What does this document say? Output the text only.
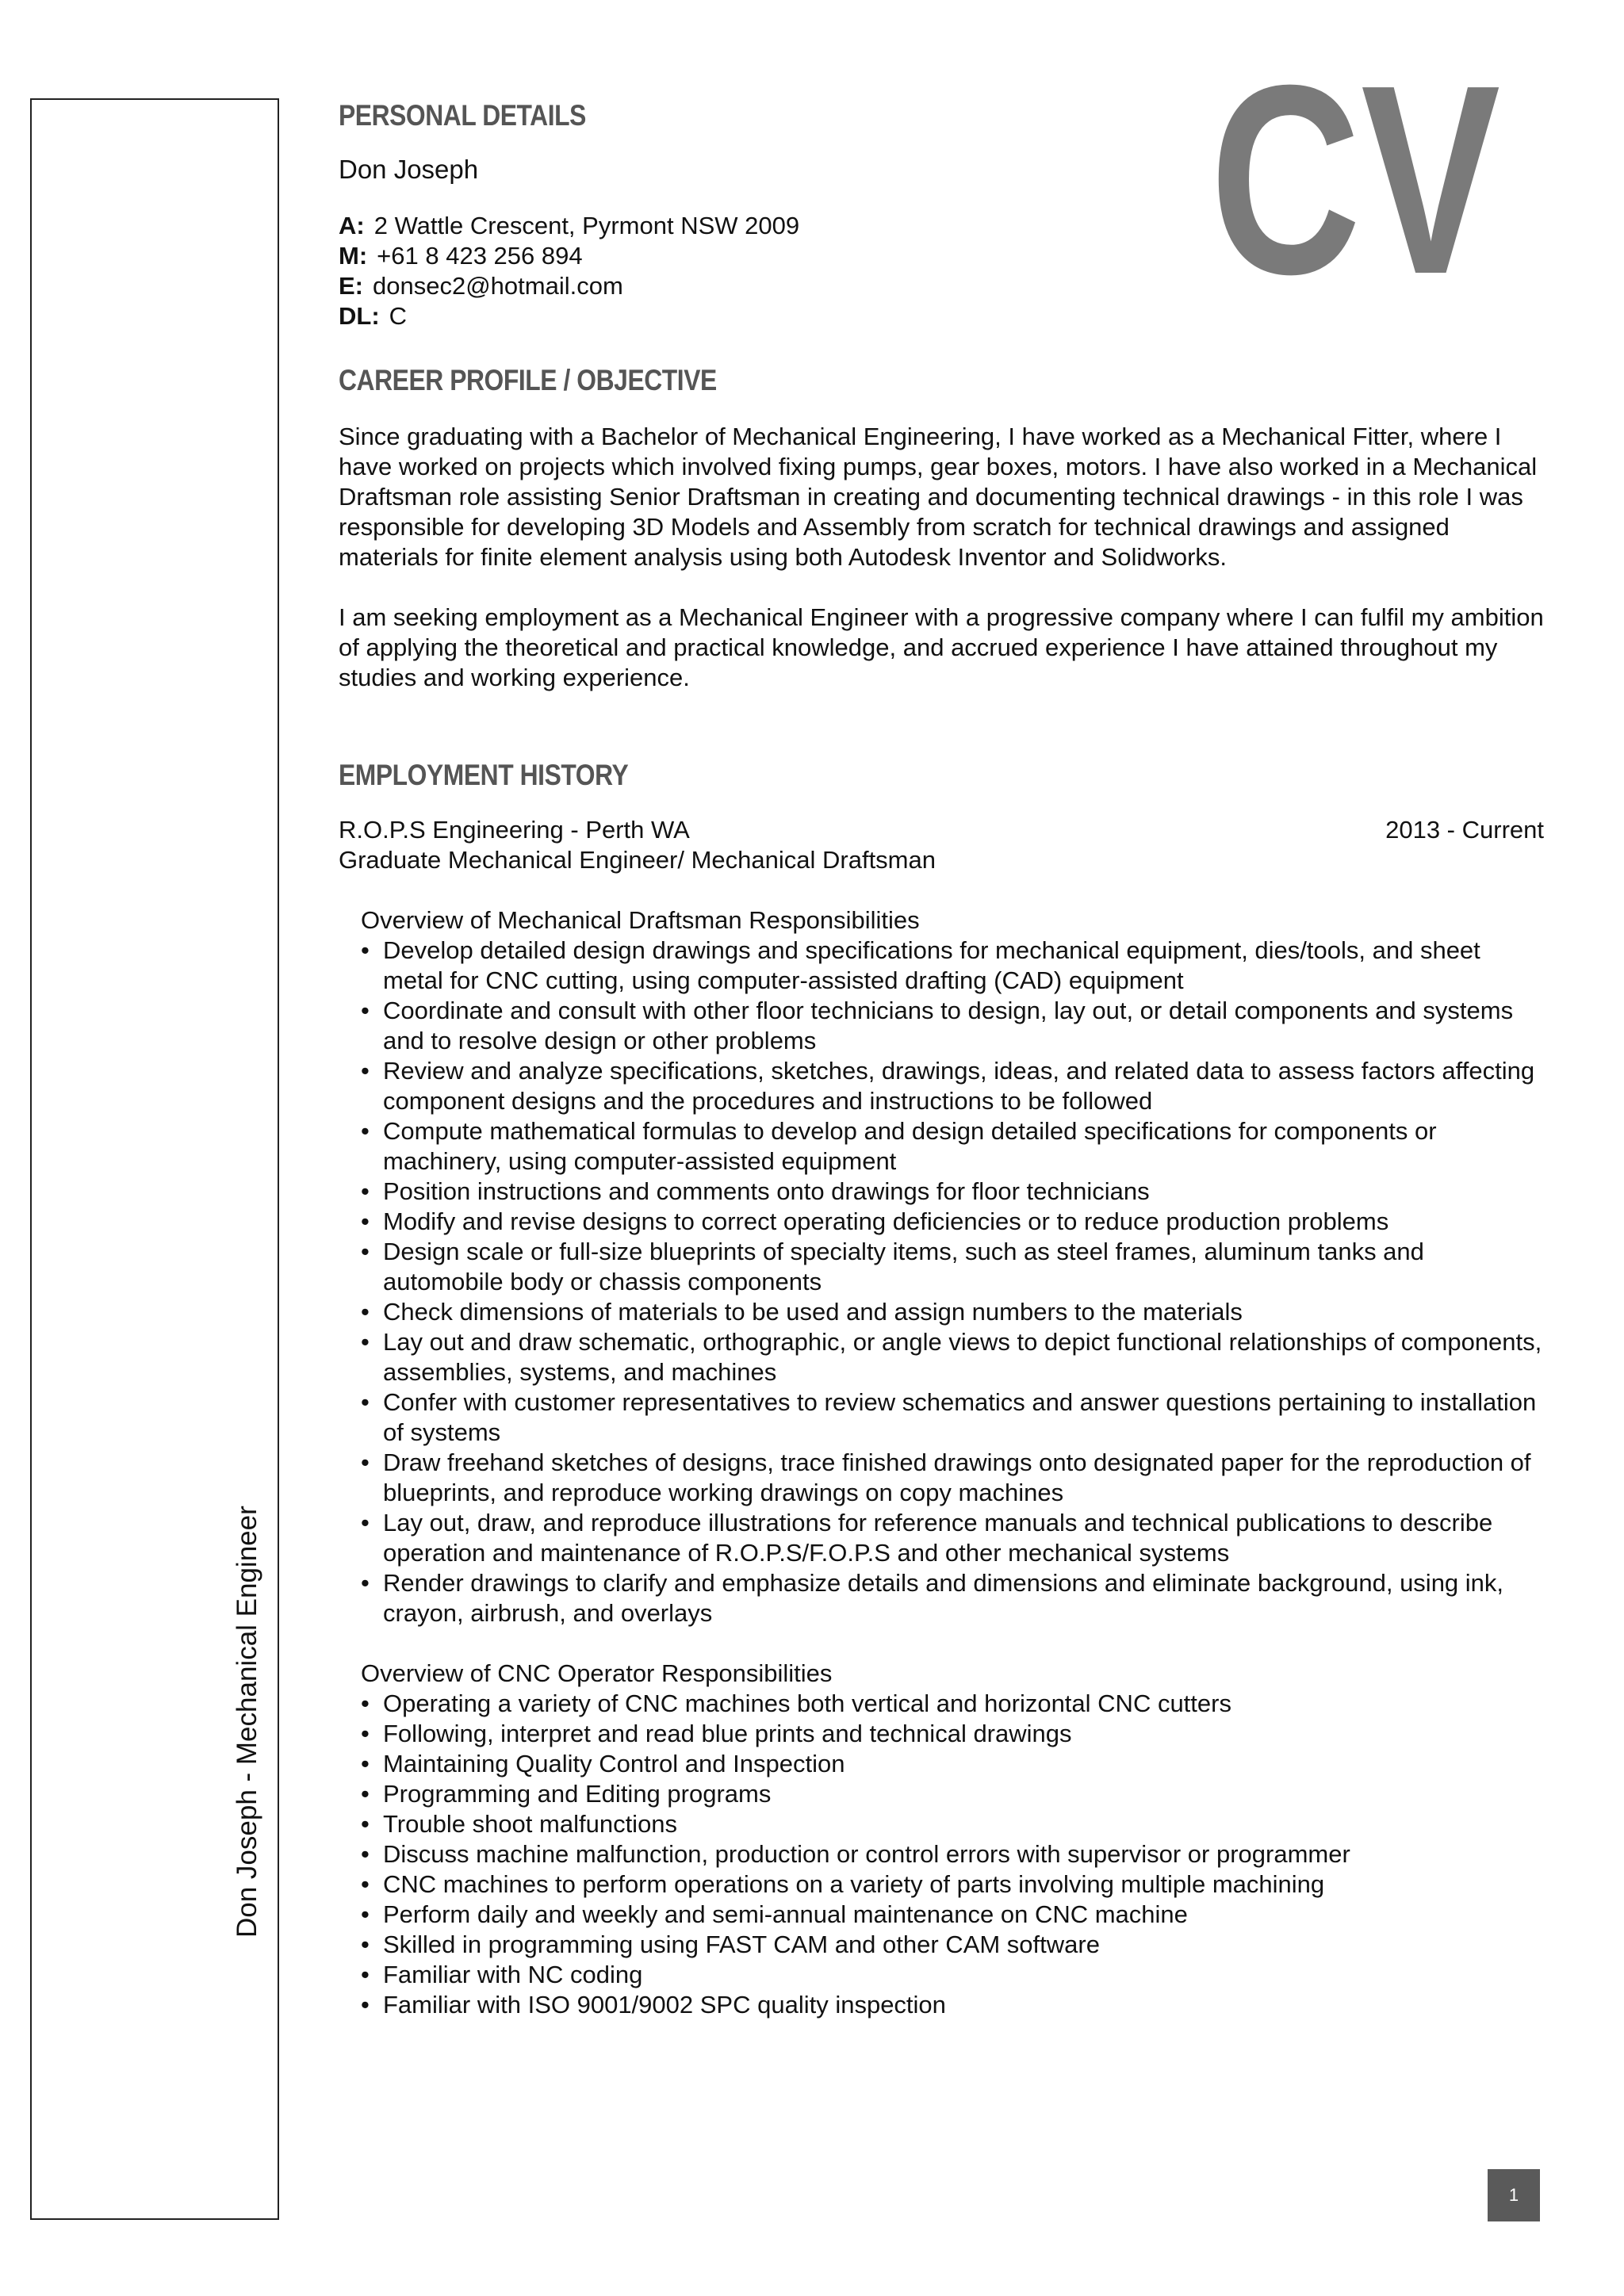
Don Joseph - Mechanical Engineer
CV
PERSONAL DETAILS
Don Joseph
A: 2 Wattle Crescent, Pyrmont NSW 2009
M: +61 8 423 256 894
E: donsec2@hotmail.com
DL: C
CAREER PROFILE / OBJECTIVE

Since graduating with a Bachelor of Mechanical Engineering, I have worked as a Mechanical Fitter, where I have worked on projects which involved fixing pumps, gear boxes, motors. I have also worked in a Mechanical Draftsman role assisting Senior Draftsman in creating and documenting technical drawings - in this role I was responsible for developing 3D Models and Assembly from scratch for technical drawings and assigned materials for finite element analysis using both Autodesk Inventor and Solidworks.

I am seeking employment as a Mechanical Engineer with a progressive company where I can fulfil my ambition of applying the theoretical and practical knowledge, and accrued experience I have attained throughout my studies and working experience.

EMPLOYMENT HISTORY
R.O.P.S Engineering - Perth WA	2013 - Current
Graduate Mechanical Engineer/ Mechanical Draftsman
Overview of Mechanical Draftsman Responsibilities
• Develop detailed design drawings and specifications for mechanical equipment, dies/tools, and sheet metal for CNC cutting, using computer-assisted drafting (CAD) equipment
• Coordinate and consult with other floor technicians to design, lay out, or detail components and systems and to resolve design or other problems
• Review and analyze specifications, sketches, drawings, ideas, and related data to assess factors affecting component designs and the procedures and instructions to be followed
• Compute mathematical formulas to develop and design detailed specifications for components or machinery, using computer-assisted equipment
• Position instructions and comments onto drawings for floor technicians
• Modify and revise designs to correct operating deficiencies or to reduce production problems
• Design scale or full-size blueprints of specialty items, such as steel frames, aluminum tanks and automobile body or chassis components
• Check dimensions of materials to be used and assign numbers to the materials
• Lay out and draw schematic, orthographic, or angle views to depict functional relationships of components, assemblies, systems, and machines
• Confer with customer representatives to review schematics and answer questions pertaining to installation of systems
• Draw freehand sketches of designs, trace finished drawings onto designated paper for the reproduction of blueprints, and reproduce working drawings on copy machines
• Lay out, draw, and reproduce illustrations for reference manuals and technical publications to describe operation and maintenance of R.O.P.S/F.O.P.S and other mechanical systems
• Render drawings to clarify and emphasize details and dimensions and eliminate background, using ink, crayon, airbrush, and overlays
Overview of CNC Operator Responsibilities
• Operating a variety of CNC machines both vertical and horizontal CNC cutters
• Following, interpret and read blue prints and technical drawings
• Maintaining Quality Control and Inspection
• Programming and Editing programs
• Trouble shoot malfunctions
• Discuss machine malfunction, production or control errors with supervisor or programmer
• CNC machines to perform operations on a variety of parts involving multiple machining
• Perform daily and weekly and semi-annual maintenance on CNC machine
• Skilled in programming using FAST CAM and other CAM software
• Familiar with NC coding
• Familiar with ISO 9001/9002 SPC quality inspection
1
